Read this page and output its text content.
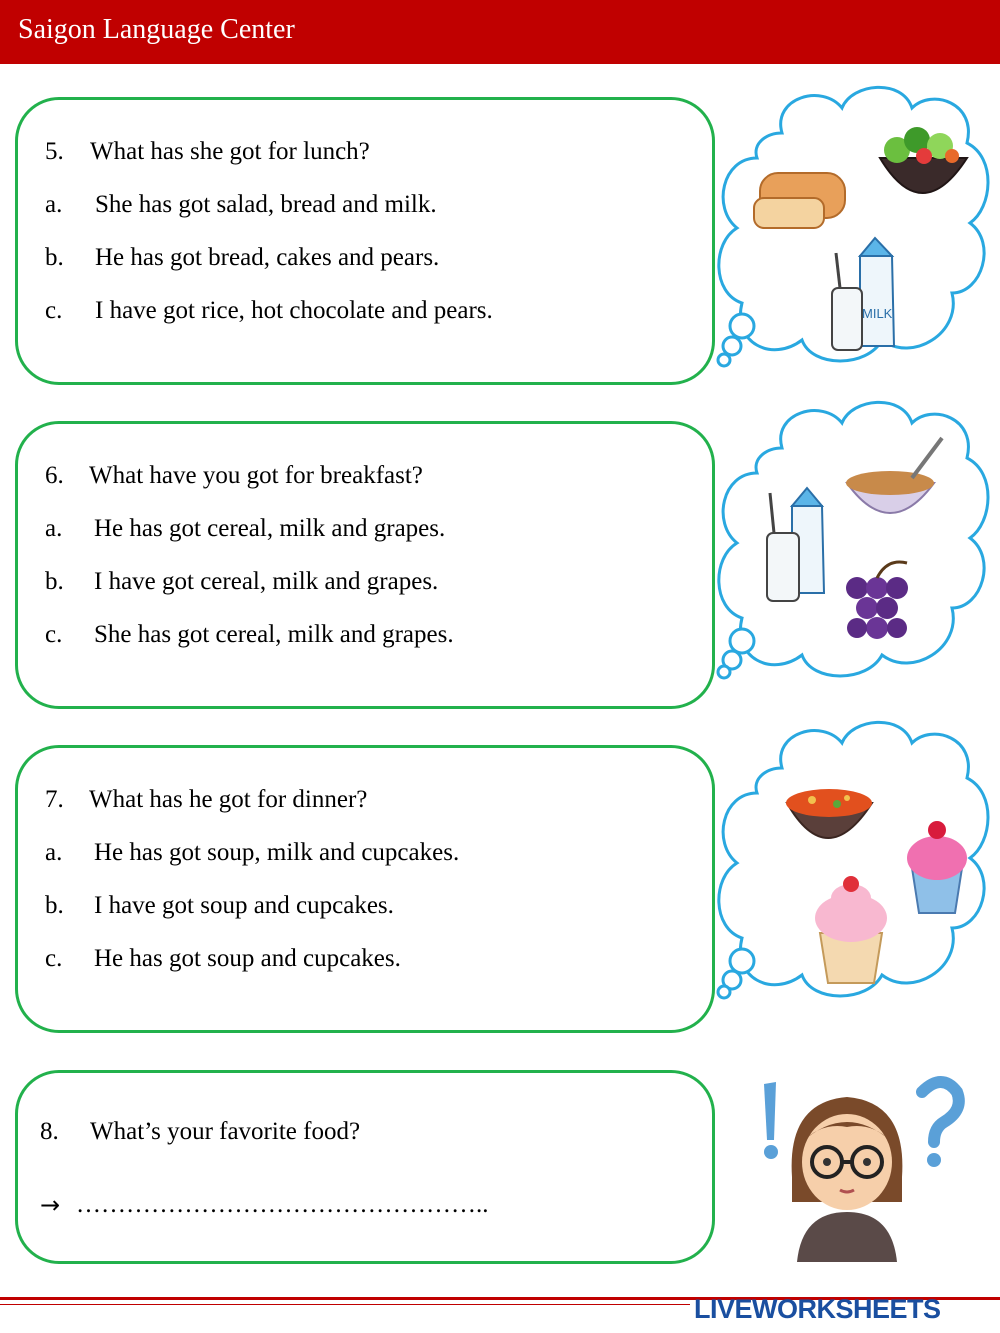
Saigon Language Center
5. What has she got for lunch?
a. She has got salad, bread and milk.
b. He has got bread, cakes and pears.
c. I have got rice, hot chocolate and pears.
6. What have you got for breakfast?
a. He has got cereal, milk and grapes.
b. I have got cereal, milk and grapes.
c. She has got cereal, milk and grapes.
7. What has he got for dinner?
a. He has got soup, milk and cupcakes.
b. I have got soup and cupcakes.
c. He has got soup and cupcakes.
8. What’s your favorite food?
→ …………………………………………..
MILK
LIVEWORKSHEETS
